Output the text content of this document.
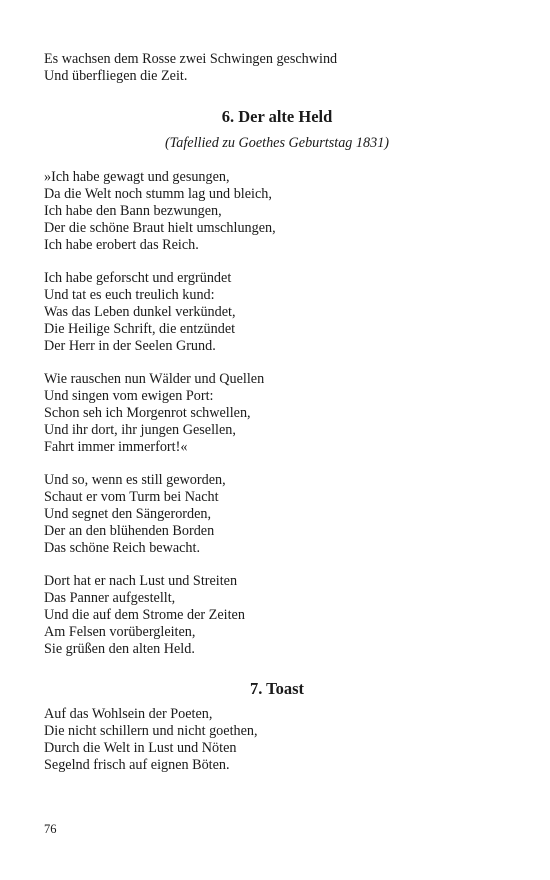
Es wachsen dem Rosse zwei Schwingen geschwind
Und überfliegen die Zeit.
6. Der alte Held

(Tafellied zu Goethes Geburtstag 1831)

»Ich habe gewagt und gesungen,
Da die Welt noch stumm lag und bleich,
Ich habe den Bann bezwungen,
Der die schöne Braut hielt umschlungen,
Ich habe erobert das Reich.
Ich habe geforscht und ergründet
Und tat es euch treulich kund:
Was das Leben dunkel verkündet,
Die Heilige Schrift, die entzündet
Der Herr in der Seelen Grund.
Wie rauschen nun Wälder und Quellen
Und singen vom ewigen Port:
Schon seh ich Morgenrot schwellen,
Und ihr dort, ihr jungen Gesellen,
Fahrt immer immerfort!«
Und so, wenn es still geworden,
Schaut er vom Turm bei Nacht
Und segnet den Sängerorden,
Der an den blühenden Borden
Das schöne Reich bewacht.
Dort hat er nach Lust und Streiten
Das Panner aufgestellt,
Und die auf dem Strome der Zeiten
Am Felsen vorübergleiten,
Sie grüßen den alten Held.
7. Toast
Auf das Wohlsein der Poeten,
Die nicht schillern und nicht goethen,
Durch die Welt in Lust und Nöten
Segelnd frisch auf eignen Böten.
76
